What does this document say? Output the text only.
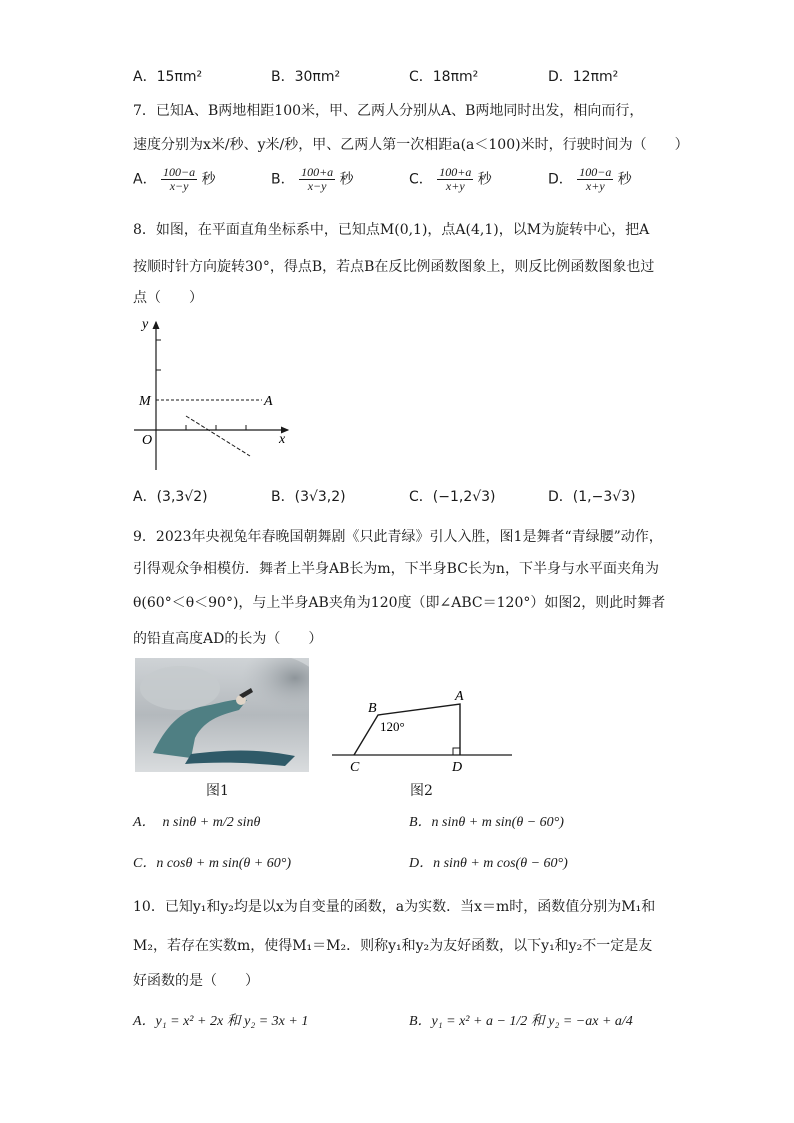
A．15πm²	B．30πm²	C．18πm²	D．12πm²
7．已知A、B两地相距100米，甲、乙两人分别从A、B两地同时出发，相向而行，
速度分别为x米/秒、y米/秒，甲、乙两人第一次相距a(a＜100)米时，行驶时间为（　　）
A． $\frac{100-a}{x-y}$ 秒	B． $\frac{100+a}{x-y}$ 秒	C． $\frac{100+a}{x+y}$ 秒	D． $\frac{100-a}{x+y}$ 秒
8．如图，在平面直角坐标系中，已知点M(0,1)，点A(4,1)，以M为旋转中心，把A
按顺时针方向旋转30°，得点B，若点B在反比例函数图象上，则反比例函数图象也过
点（　　）
y
x
M	A
O
A．(3,3√2)	B．(3√3,2)	C．(−1,2√3)	D．(1,−3√3)
9．2023年央视兔年春晚国朝舞剧《只此青绿》引人入胜，图1是舞者“青绿腰”动作，
引得观众争相模仿．舞者上半身AB长为m，下半身BC长为n，下半身与水平面夹角为
θ(60°＜θ＜90°)，与上半身AB夹角为120度（即∠ABC＝120°）如图2，则此时舞者
的铅直高度AD的长为（　　）
图1
B
A
C	D
120°
图2
A．　n sinθ + m/2 sinθ	B．n sinθ + m sin(θ − 60°)
C．n cosθ + m sin(θ + 60°)	D．n sinθ + m cos(θ − 60°)
10．已知y₁和y₂均是以x为自变量的函数，a为实数．当x＝m时，函数值分别为M₁和
M₂，若存在实数m，使得M₁＝M₂．则称y₁和y₂为友好函数，以下y₁和y₂不一定是友
好函数的是（　　）
A．y₁ = x² + 2x 和 y₂ = 3x + 1	B．y₁ = x² + a − 1/2 和 y₂ = −ax + a/4
